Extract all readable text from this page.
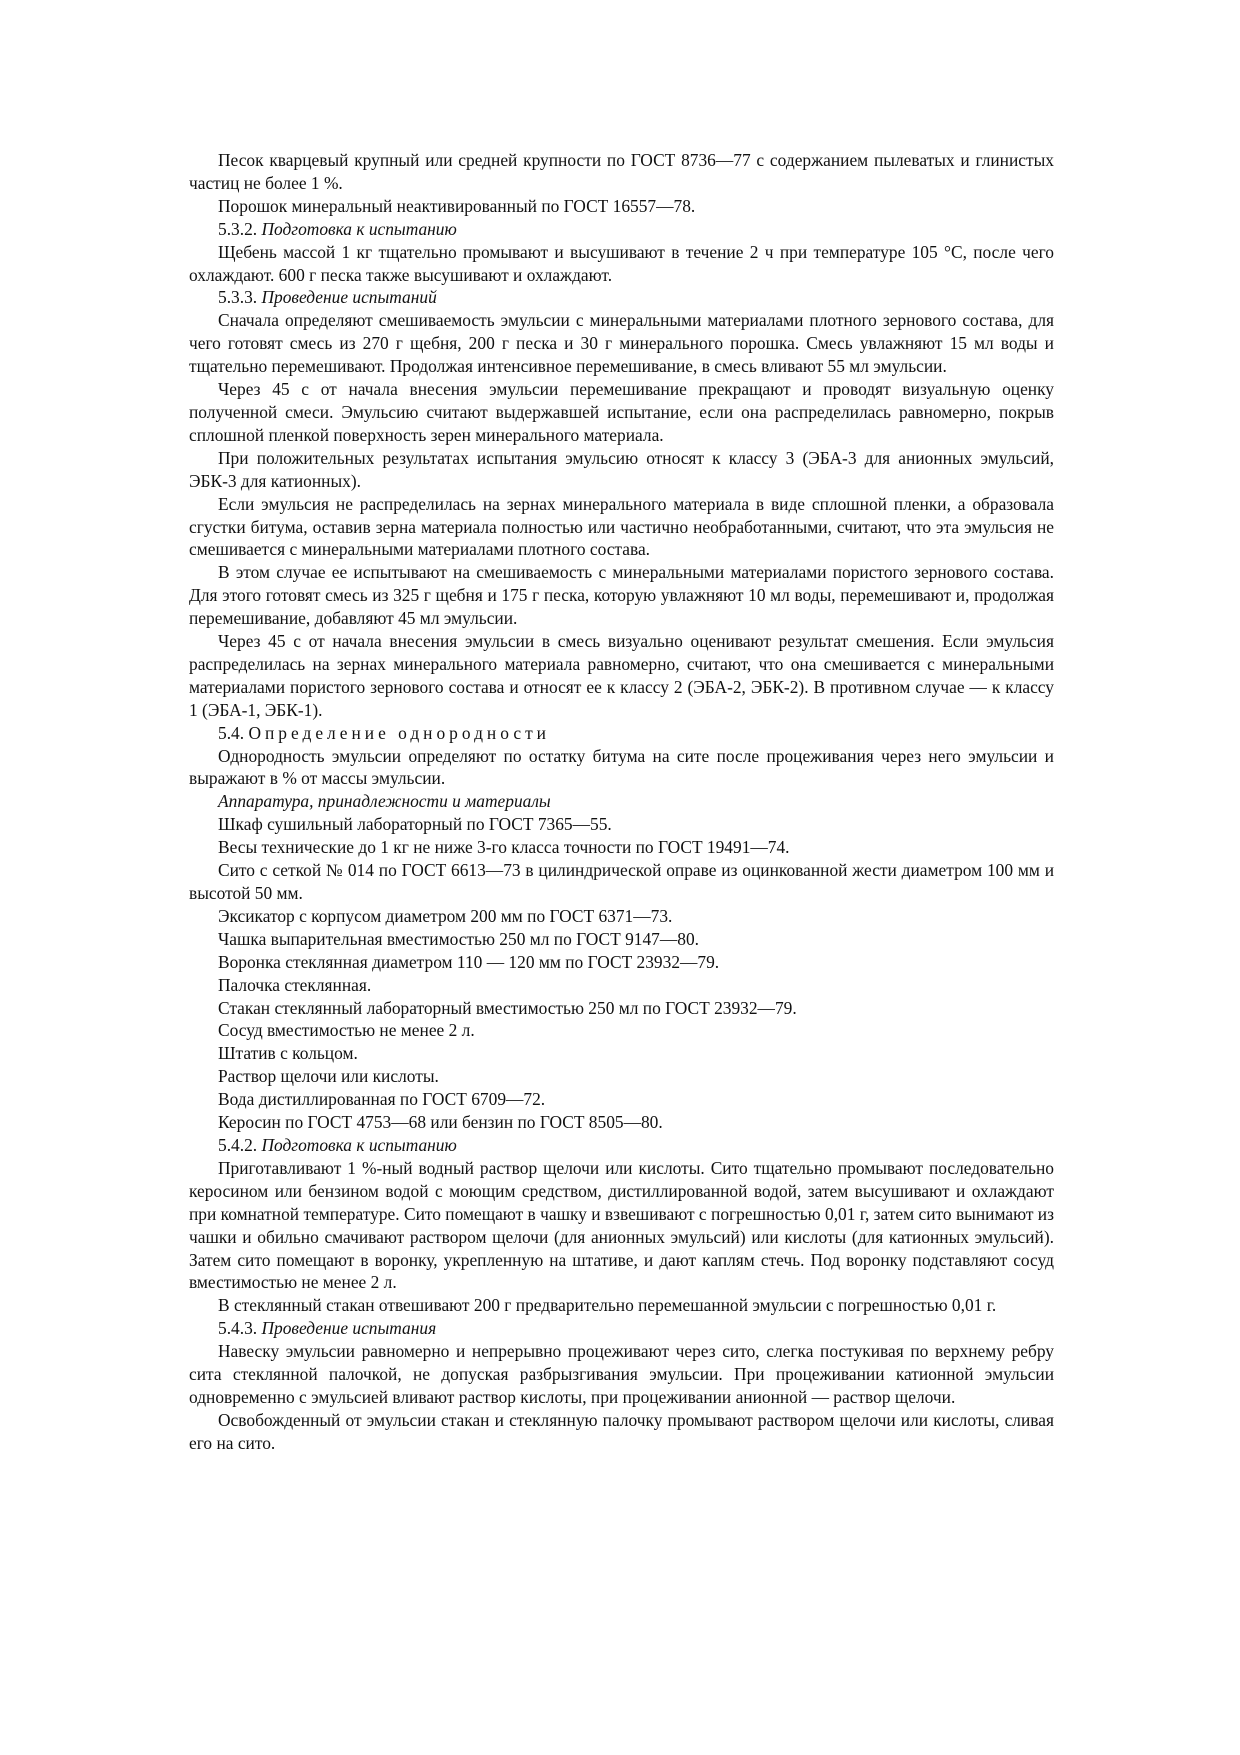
Песок кварцевый крупный или средней крупности по ГОСТ 8736—77 с содержанием пылеватых и глинистых частиц не более 1 %.

Порошок минеральный неактивированный по ГОСТ 16557—78.

5.3.2. Подготовка к испытанию

Щебень массой 1 кг тщательно промывают и высушивают в течение 2 ч при температуре 105 °С, после чего охлаждают. 600 г песка также высушивают и охлаждают.

5.3.3. Проведение испытаний

Сначала определяют смешиваемость эмульсии с минеральными материалами плотного зернового состава, для чего готовят смесь из 270 г щебня, 200 г песка и 30 г минерального порошка. Смесь увлажняют 15 мл воды и тщательно перемешивают. Продолжая интенсивное перемешивание, в смесь вливают 55 мл эмульсии.

Через 45 с от начала внесения эмульсии перемешивание прекращают и проводят визуальную оценку полученной смеси. Эмульсию считают выдержавшей испытание, если она распределилась равномерно, покрыв сплошной пленкой поверхность зерен минерального материала.

При положительных результатах испытания эмульсию относят к классу 3 (ЭБА-3 для анионных эмульсий, ЭБК-3 для катионных).

Если эмульсия не распределилась на зернах минерального материала в виде сплошной пленки, а образовала сгустки битума, оставив зерна материала полностью или частично необработанными, считают, что эта эмульсия не смешивается с минеральными материалами плотного состава.

В этом случае ее испытывают на смешиваемость с минеральными материалами пористого зернового состава. Для этого готовят смесь из 325 г щебня и 175 г песка, которую увлажняют 10 мл воды, перемешивают и, продолжая перемешивание, добавляют 45 мл эмульсии.

Через 45 с от начала внесения эмульсии в смесь визуально оценивают результат смешения. Если эмульсия распределилась на зернах минерального материала равномерно, считают, что она смешивается с минеральными материалами пористого зернового состава и относят ее к классу 2 (ЭБА-2, ЭБК-2). В противном случае — к классу 1 (ЭБА-1, ЭБК-1).

5.4. Определение однородности

Однородность эмульсии определяют по остатку битума на сите после процеживания через него эмульсии и выражают в % от массы эмульсии.

Аппаратура, принадлежности и материалы

Шкаф сушильный лабораторный по ГОСТ 7365—55.

Весы технические до 1 кг не ниже 3-го класса точности по ГОСТ 19491—74.

Сито с сеткой № 014 по ГОСТ 6613—73 в цилиндрической оправе из оцинкованной жести диаметром 100 мм и высотой 50 мм.

Эксикатор с корпусом диаметром 200 мм по ГОСТ 6371—73.

Чашка выпарительная вместимостью 250 мл по ГОСТ 9147—80.

Воронка стеклянная диаметром 110 — 120 мм по ГОСТ 23932—79.

Палочка стеклянная.

Стакан стеклянный лабораторный вместимостью 250 мл по ГОСТ 23932—79.

Сосуд вместимостью не менее 2 л.

Штатив с кольцом.

Раствор щелочи или кислоты.

Вода дистиллированная по ГОСТ 6709—72.

Керосин по ГОСТ 4753—68 или бензин по ГОСТ 8505—80.

5.4.2. Подготовка к испытанию

Приготавливают 1 %-ный водный раствор щелочи или кислоты. Сито тщательно промывают последовательно керосином или бензином водой с моющим средством, дистиллированной водой, затем высушивают и охлаждают при комнатной температуре. Сито помещают в чашку и взвешивают с погрешностью 0,01 г, затем сито вынимают из чашки и обильно смачивают раствором щелочи (для анионных эмульсий) или кислоты (для катионных эмульсий). Затем сито помещают в воронку, укрепленную на штативе, и дают каплям стечь. Под воронку подставляют сосуд вместимостью не менее 2 л.

В стеклянный стакан отвешивают 200 г предварительно перемешанной эмульсии с погрешностью 0,01 г.

5.4.3. Проведение испытания

Навеску эмульсии равномерно и непрерывно процеживают через сито, слегка постукивая по верхнему ребру сита стеклянной палочкой, не допуская разбрызгивания эмульсии. При процеживании катионной эмульсии одновременно с эмульсией вливают раствор кислоты, при процеживании анионной — раствор щелочи.

Освобожденный от эмульсии стакан и стеклянную палочку промывают раствором щелочи или кислоты, сливая его на сито.
